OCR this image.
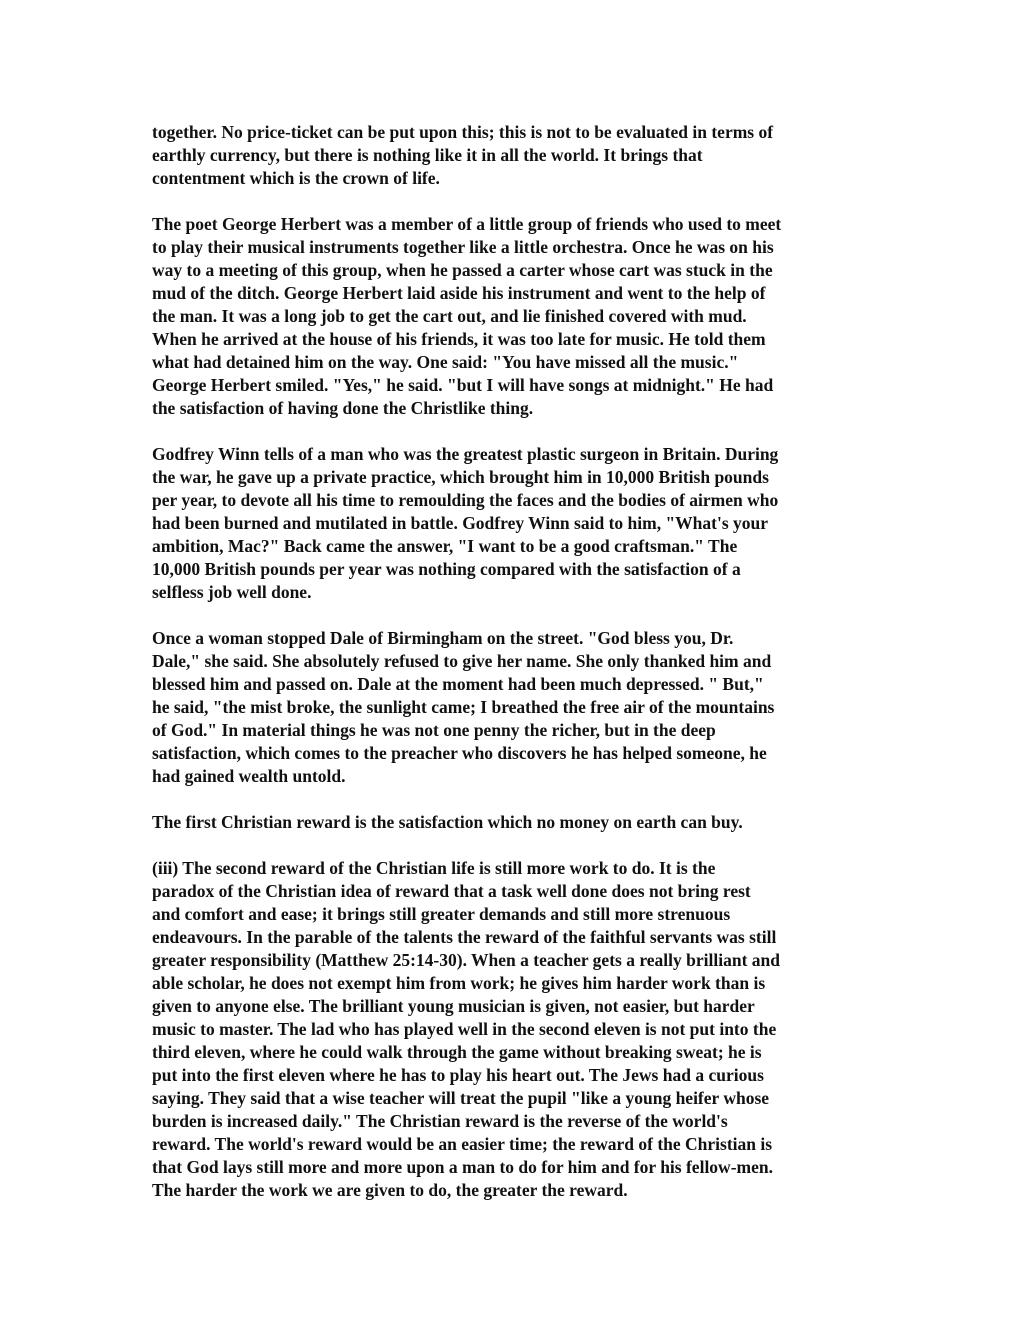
together. No price-ticket can be put upon this; this is not to be evaluated in terms of
earthly currency, but there is nothing like it in all the world. It brings that
contentment which is the crown of life.
The poet George Herbert was a member of a little group of friends who used to meet
to play their musical instruments together like a little orchestra. Once he was on his
way to a meeting of this group, when he passed a carter whose cart was stuck in the
mud of the ditch. George Herbert laid aside his instrument and went to the help of
the man. It was a long job to get the cart out, and lie finished covered with mud.
When he arrived at the house of his friends, it was too late for music. He told them
what had detained him on the way. One said: "You have missed all the music."
George Herbert smiled. "Yes," he said. "but I will have songs at midnight." He had
the satisfaction of having done the Christlike thing.
Godfrey Winn tells of a man who was the greatest plastic surgeon in Britain. During
the war, he gave up a private practice, which brought him in 10,000 British pounds
per year, to devote all his time to remoulding the faces and the bodies of airmen who
had been burned and mutilated in battle. Godfrey Winn said to him, "What's your
ambition, Mac?" Back came the answer, "I want to be a good craftsman." The
10,000 British pounds per year was nothing compared with the satisfaction of a
selfless job well done.
Once a woman stopped Dale of Birmingham on the street. "God bless you, Dr.
Dale," she said. She absolutely refused to give her name. She only thanked him and
blessed him and passed on. Dale at the moment had been much depressed. " But,"
he said, "the mist broke, the sunlight came; I breathed the free air of the mountains
of God." In material things he was not one penny the richer, but in the deep
satisfaction, which comes to the preacher who discovers he has helped someone, he
had gained wealth untold.
The first Christian reward is the satisfaction which no money on earth can buy.
(iii) The second reward of the Christian life is still more work to do. It is the
paradox of the Christian idea of reward that a task well done does not bring rest
and comfort and ease; it brings still greater demands and still more strenuous
endeavours. In the parable of the talents the reward of the faithful servants was still
greater responsibility (Matthew 25:14-30). When a teacher gets a really brilliant and
able scholar, he does not exempt him from work; he gives him harder work than is
given to anyone else. The brilliant young musician is given, not easier, but harder
music to master. The lad who has played well in the second eleven is not put into the
third eleven, where he could walk through the game without breaking sweat; he is
put into the first eleven where he has to play his heart out. The Jews had a curious
saying. They said that a wise teacher will treat the pupil "like a young heifer whose
burden is increased daily." The Christian reward is the reverse of the world's
reward. The world's reward would be an easier time; the reward of the Christian is
that God lays still more and more upon a man to do for him and for his fellow-men.
The harder the work we are given to do, the greater the reward.
